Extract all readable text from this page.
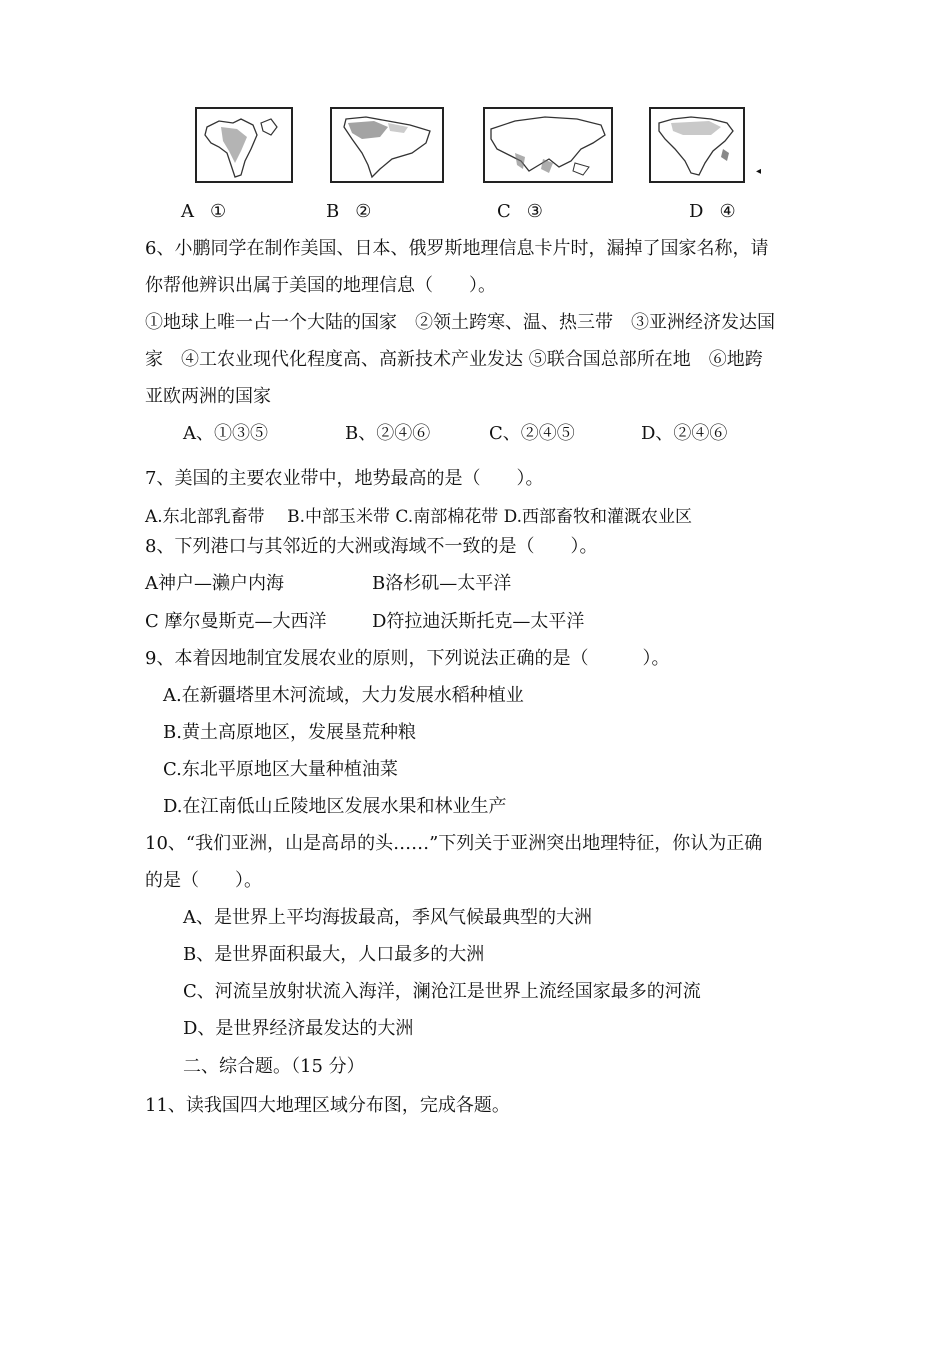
◂
A ①	B ②	C ③	D ④
6、小鹏同学在制作美国、日本、俄罗斯地理信息卡片时，漏掉了国家名称，请
你帮他辨识出属于美国的地理信息（　　）。
①地球上唯一占一个大陆的国家　②领土跨寒、温、热三带　③亚洲经济发达国
家　④工农业现代化程度高、高新技术产业发达 ⑤联合国总部所在地　⑥地跨
亚欧两洲的国家
A、①③⑤	B、②④⑥	C、②④⑤	D、②④⑥
7、美国的主要农业带中，地势最高的是（　　）。
A.东北部乳畜带　 B.中部玉米带 C.南部棉花带 D.西部畜牧和灌溉农业区
8、下列港口与其邻近的大洲或海域不一致的是（　　）。
A神户—濑户内海	B洛杉矶—太平洋
C 摩尔曼斯克—大西洋	D符拉迪沃斯托克—太平洋
9、本着因地制宜发展农业的原则，下列说法正确的是（　　　）。
A.在新疆塔里木河流域，大力发展水稻种植业
B.黄土高原地区，发展垦荒种粮
C.东北平原地区大量种植油菜
D.在江南低山丘陵地区发展水果和林业生产
10、“我们亚洲，山是高昂的头……”下列关于亚洲突出地理特征，你认为正确
的是（　　）。
A、是世界上平均海拔最高，季风气候最典型的大洲
B、是世界面积最大，人口最多的大洲
C、河流呈放射状流入海洋，澜沧江是世界上流经国家最多的河流
D、是世界经济最发达的大洲
二、综合题。（15 分）
11、读我国四大地理区域分布图，完成各题。
